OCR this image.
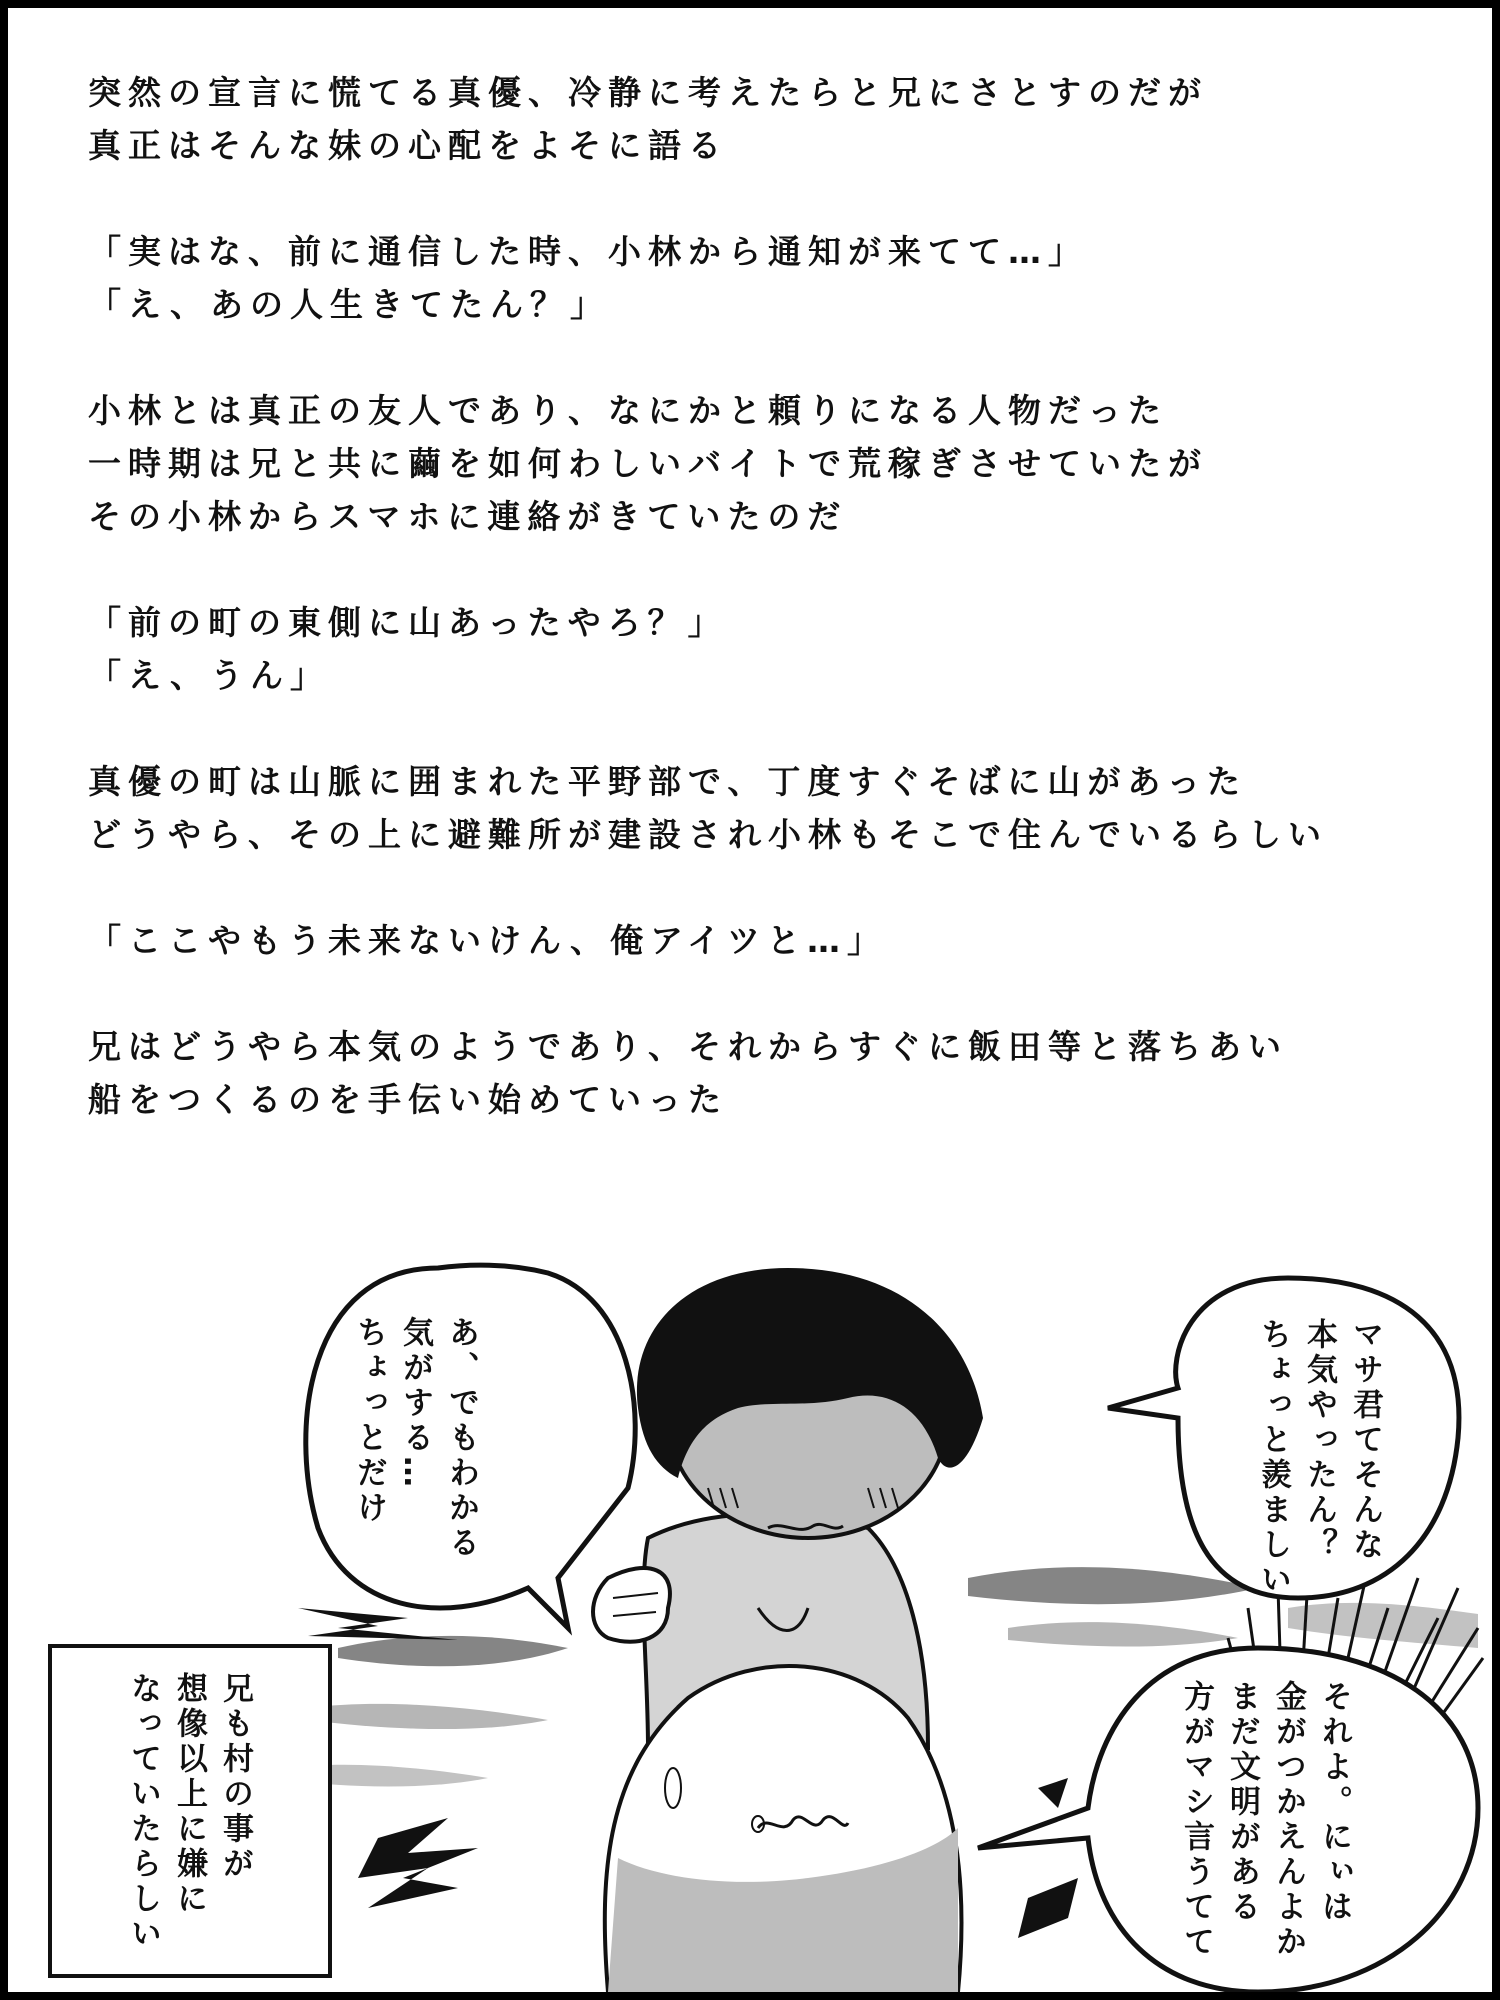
突然の宣言に慌てる真優、冷静に考えたらと兄にさとすのだが
真正はそんな妹の心配をよそに語る
「実はな、前に通信した時、小林から通知が来てて…」
「え、あの人生きてたん？」
小林とは真正の友人であり、なにかと頼りになる人物だった
一時期は兄と共に繭を如何わしいバイトで荒稼ぎさせていたが
その小林からスマホに連絡がきていたのだ
「前の町の東側に山あったやろ？」
「え、うん」
真優の町は山脈に囲まれた平野部で、丁度すぐそばに山があった
どうやら、その上に避難所が建設され小林もそこで住んでいるらしい
「ここやもう未来ないけん、俺アイツと…」
兄はどうやら本気のようであり、それからすぐに飯田等と落ちあい
船をつくるのを手伝い始めていった
あ、でもわかる
気がする…
ちょっとだけ	マサ君てそんな
本気やったん？
ちょっと羨ましい
それよ。にぃは
金がつかえんよか
まだ文明がある
方がマシ言うてて
兄も村の事が
想像以上に嫌に
なっていたらしい
